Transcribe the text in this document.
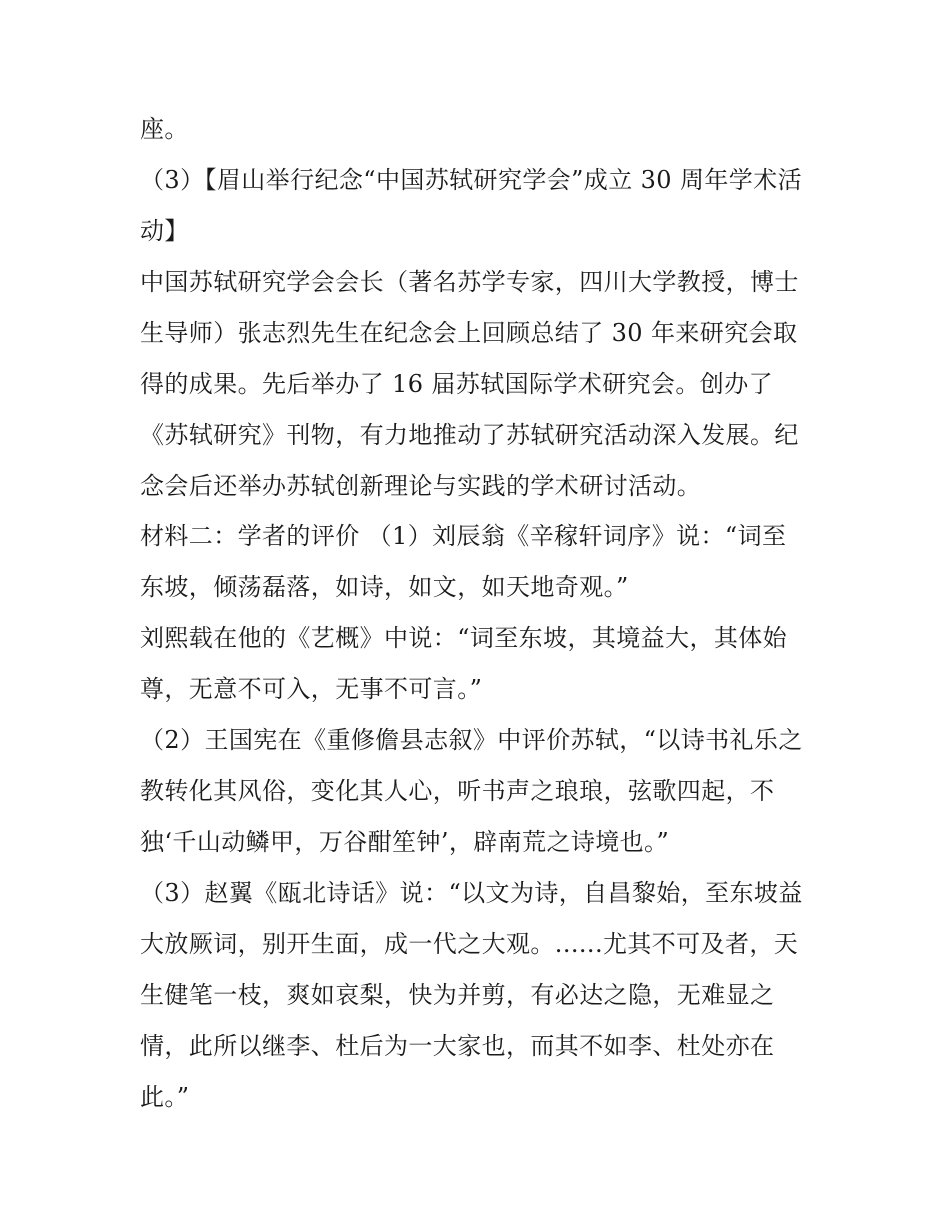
座。
（3）【眉山举行纪念“中国苏轼研究学会”成立 30 周年学术活
动】
中国苏轼研究学会会长（著名苏学专家，四川大学教授，博士
生导师）张志烈先生在纪念会上回顾总结了 30 年来研究会取
得的成果。先后举办了 16 届苏轼国际学术研究会。创办了
《苏轼研究》刊物，有力地推动了苏轼研究活动深入发展。纪
念会后还举办苏轼创新理论与实践的学术研讨活动。
材料二：学者的评价 （1）刘辰翁《辛稼轩词序》说：“词至
东坡，倾荡磊落，如诗，如文，如天地奇观。”
刘熙载在他的《艺概》中说：“词至东坡，其境益大，其体始
尊，无意不可入，无事不可言。”
（2）王国宪在《重修儋县志叙》中评价苏轼，“以诗书礼乐之
教转化其风俗，变化其人心，听书声之琅琅，弦歌四起，不
独‘千山动鳞甲，万谷酣笙钟’，辟南荒之诗境也。”
（3）赵翼《瓯北诗话》说：“以文为诗，自昌黎始，至东坡益
大放厥词，别开生面，成一代之大观。......尤其不可及者，天
生健笔一枝，爽如哀梨，快为并剪，有必达之隐，无难显之
情，此所以继李、杜后为一大家也，而其不如李、杜处亦在
此。”
